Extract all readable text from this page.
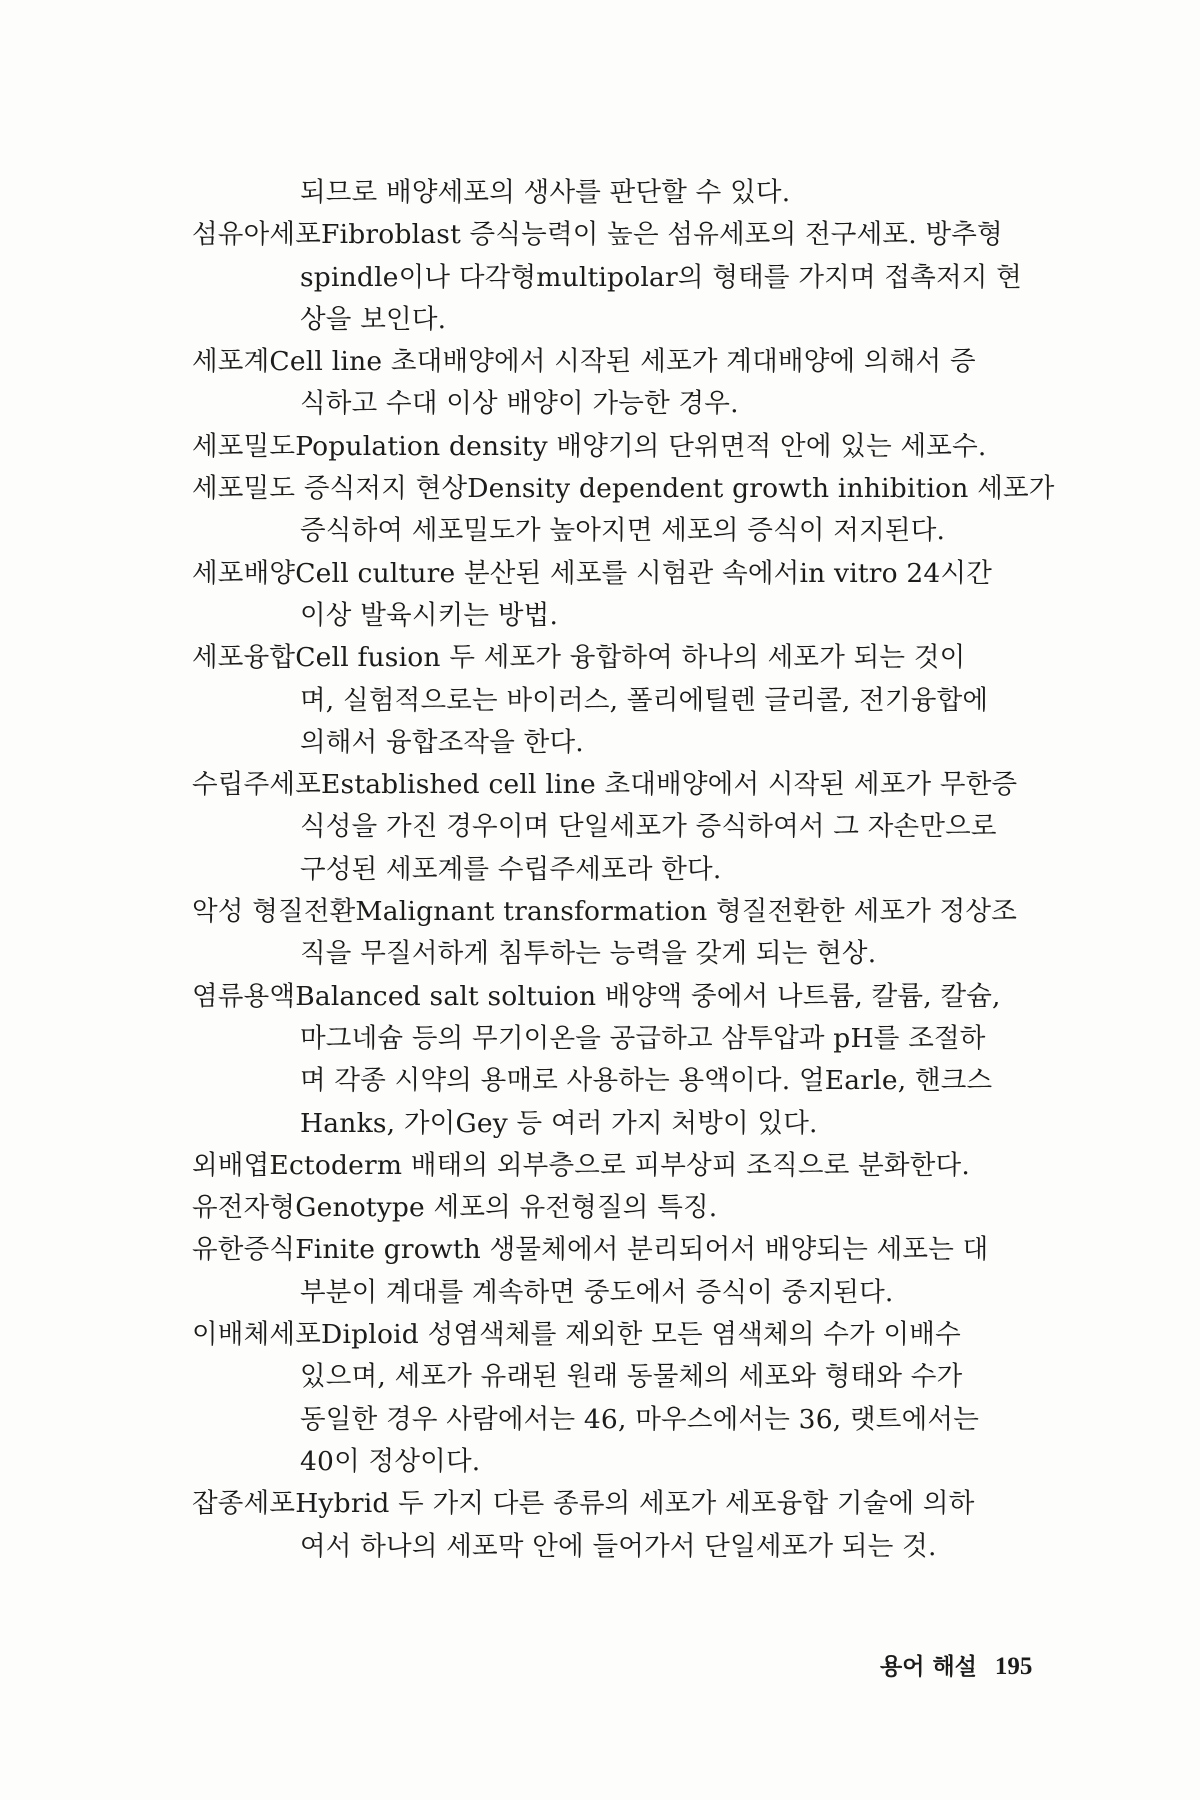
되므로 배양세포의 생사를 판단할 수 있다.
섬유아세포Fibroblast 증식능력이 높은 섬유세포의 전구세포. 방추형
spindle이나 다각형multipolar의 형태를 가지며 접촉저지 현
상을 보인다.
세포계Cell line 초대배양에서 시작된 세포가 계대배양에 의해서 증
식하고 수대 이상 배양이 가능한 경우.
세포밀도Population density 배양기의 단위면적 안에 있는 세포수.
세포밀도 증식저지 현상Density dependent growth inhibition 세포가
증식하여 세포밀도가 높아지면 세포의 증식이 저지된다.
세포배양Cell culture 분산된 세포를 시험관 속에서in vitro 24시간
이상 발육시키는 방법.
세포융합Cell fusion 두 세포가 융합하여 하나의 세포가 되는 것이
며, 실험적으로는 바이러스, 폴리에틸렌 글리콜, 전기융합에
의해서 융합조작을 한다.
수립주세포Established cell line 초대배양에서 시작된 세포가 무한증
식성을 가진 경우이며 단일세포가 증식하여서 그 자손만으로
구성된 세포계를 수립주세포라 한다.
악성 형질전환Malignant transformation 형질전환한 세포가 정상조
직을 무질서하게 침투하는 능력을 갖게 되는 현상.
염류용액Balanced salt soltuion 배양액 중에서 나트륨, 칼륨, 칼슘,
마그네슘 등의 무기이온을 공급하고 삼투압과 pH를 조절하
며 각종 시약의 용매로 사용하는 용액이다. 얼Earle, 핸크스
Hanks, 가이Gey 등 여러 가지 처방이 있다.
외배엽Ectoderm 배태의 외부층으로 피부상피 조직으로 분화한다.
유전자형Genotype 세포의 유전형질의 특징.
유한증식Finite growth 생물체에서 분리되어서 배양되는 세포는 대
부분이 계대를 계속하면 중도에서 증식이 중지된다.
이배체세포Diploid 성염색체를 제외한 모든 염색체의 수가 이배수
있으며, 세포가 유래된 원래 동물체의 세포와 형태와 수가
동일한 경우 사람에서는 46, 마우스에서는 36, 랫트에서는
40이 정상이다.
잡종세포Hybrid 두 가지 다른 종류의 세포가 세포융합 기술에 의하
여서 하나의 세포막 안에 들어가서 단일세포가 되는 것.
용어 해설 195
